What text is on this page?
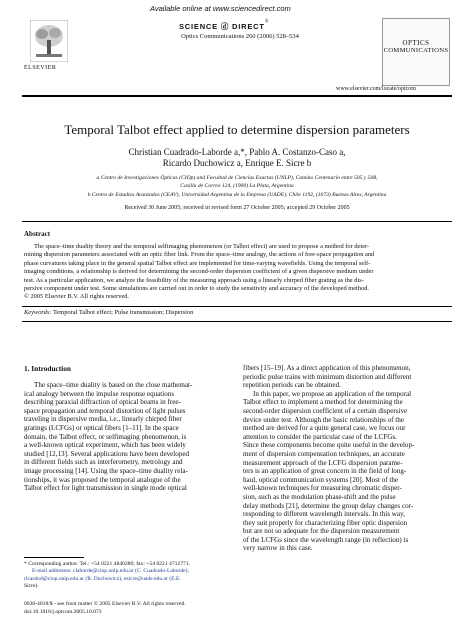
ELSEVIER
Available online at www.sciencedirect.com
SCIENCE ⓓ DIRECT®
Optics Communications 260 (2006) 528–534
OPTICS
COMMUNICATIONS
www.elsevier.com/locate/optcom
Temporal Talbot effect applied to determine dispersion parameters
Christian Cuadrado-Laborde a,*, Pablo A. Costanzo-Caso a,
Ricardo Duchowicz a, Enrique E. Sicre b
a Centro de Investigaciones Ópticas (CIOp) and Facultad de Ciencias Exactas (UNLP), Camino Centenario entre 505 y 508,
Casilla de Correo 124, (1900) La Plata, Argentina
b Centro de Estudios Avanzados (CEAV), Universidad Argentina de la Empresa (UADE), Chile 1192, (1073) Buenos Aires, Argentina
Received 30 June 2005; received in revised form 27 October 2005; accepted 29 October 2005
Abstract
The space–time duality theory and the temporal selfimaging phenomenon (or Talbot effect) are used to propose a method for deter-
mining dispersion parameters associated with an optic fiber link. From the space–time analogy, the actions of free-space propagation and
phase curvatures taking place in the general spatial Talbot effect are implemented for time-varying wavefields. Using the temporal self-
imaging conditions, a relationship is derived for determining the second-order dispersion coefficient of a given dispersive medium under
test. As a particular application, we analyze the feasibility of the measuring approach using a linearly chirped fiber grating as the dis-
persive component under test. Some simulations are carried out in order to study the sensitivity and accuracy of the developed method.
© 2005 Elsevier B.V. All rights reserved.
Keywords: Temporal Talbot effect; Pulse transmission; Dispersion
1. Introduction
The space–time duality is based on the close mathemat-
ical analogy between the impulse response equations
describing paraxial diffraction of optical beams in free-
space propagation and temporal distortion of light pulses
traveling in dispersive media, i.e., linearly chirped fiber
gratings (LCFGs) or optical fibers [1–11]. In the space
domain, the Talbot effect, or selfimaging phenomenon, is
a well-known optical experiment, which has been widely
studied [12,13]. Several applications have been developed
in different fields such as interferometry, metrology and
image processing [14]. Using the space–time duality rela-
tionships, it was proposed the temporal analogue of the
Talbot effect for light transmission in single mode optical
fibers [15–19]. As a direct application of this phenomenon,
periodic pulse trains with minimum distortion and different
repetition periods can be obtained.
In this paper, we propose an application of the temporal
Talbot effect to implement a method for determining the
second-order dispersion coefficient of a certain dispersive
device under test. Although the basic relationships of the
method are derived for a quite general case, we focus our
attention to consider the particular case of the LCFGs.
Since these components become quite useful in the develop-
ment of dispersion compensation techniques, an accurate
measurement approach of the LCFG dispersion parame-
ters is an application of great concern in the field of long-
haul, optical communication systems [20]. Most of the
well-known techniques for measuring chromatic disper-
sion, such as the modulation phase-shift and the pulse
delay methods [21], determine the group delay changes cor-
responding to different wavelength intervals. In this way,
they suit properly for characterizing fiber optic dispersion
but are not so adequate for the dispersion measurement
of the LCFGs since the wavelength range (in reflection) is
very narrow in this case.
* Corresponding author. Tel.: +54 0221 4840280; fax: +54 0221 4712771.
E-mail addresses: claborde@ciop.unlp.edu.ar (C. Cuadrado-Laborde),
ricardod@ciop.unlp.edu.ar (R. Duchowicz), esicre@uade.edu.ar (E.E.
Sicre).
0030-4018/$ - see front matter © 2005 Elsevier B.V. All rights reserved.
doi:10.1016/j.optcom.2005.10.073
